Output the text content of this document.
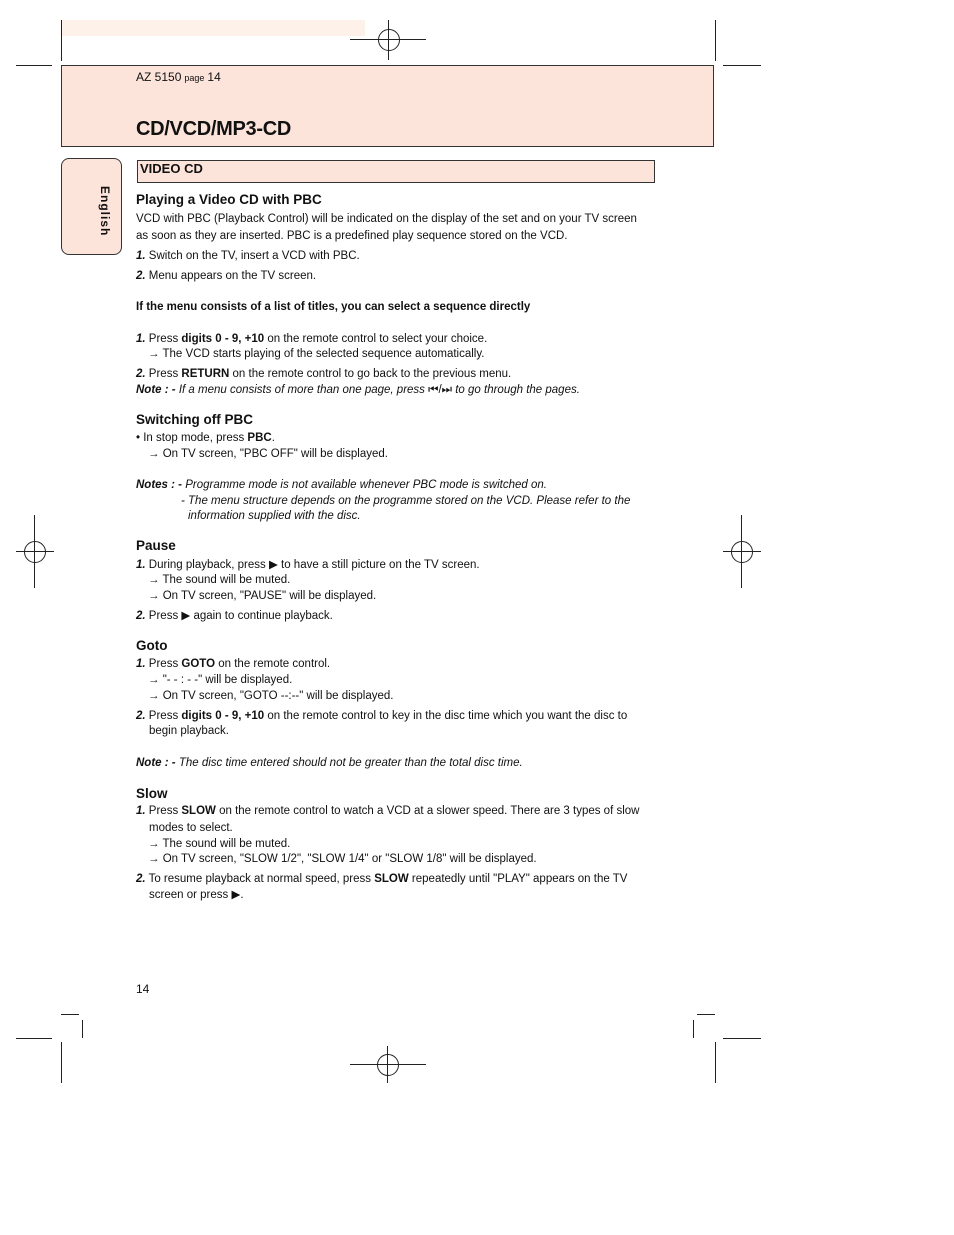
AZ 5150 page 14
CD/VCD/MP3-CD
English
VIDEO CD
Playing a Video CD with PBC
VCD with PBC (Playback Control) will be indicated on the display of the set and on your TV screen
as soon as they are inserted. PBC is a predefined play sequence stored on the VCD.
1. Switch on the TV, insert a VCD with PBC.
2. Menu appears on the TV screen.
If the menu consists of a list of titles, you can select a sequence directly
1. Press digits 0 - 9, +10 on the remote control to select your choice.
→ The VCD starts playing of the selected sequence automatically.
2. Press RETURN on the remote control to go back to the previous menu.
Note : - If a menu consists of more than one page, press ⏮/⏭ to go through the pages.
Switching off PBC
• In stop mode, press PBC.
→ On TV screen, "PBC OFF" will be displayed.
Notes : - Programme mode is not available whenever PBC mode is switched on.
- The menu structure depends on the programme stored on the VCD. Please refer to the
information supplied with the disc.
Pause
1. During playback, press ▶ to have a still picture on the TV screen.
→ The sound will be muted.
→ On TV screen, "PAUSE" will be displayed.
2. Press ▶ again to continue playback.
Goto
1. Press GOTO on the remote control.
→ "- - : - -" will be displayed.
→ On TV screen, "GOTO --:--" will be displayed.
2. Press digits 0 - 9, +10 on the remote control to key in the disc time which you want the disc to
begin playback.
Note : - The disc time entered should not be greater than the total disc time.
Slow
1. Press SLOW on the remote control to watch a VCD at a slower speed. There are 3 types of slow
modes to select.
→ The sound will be muted.
→ On TV screen, "SLOW 1/2", "SLOW 1/4" or "SLOW 1/8" will be displayed.
2. To resume playback at normal speed, press SLOW repeatedly until "PLAY" appears on the TV
screen or press ▶.
14
